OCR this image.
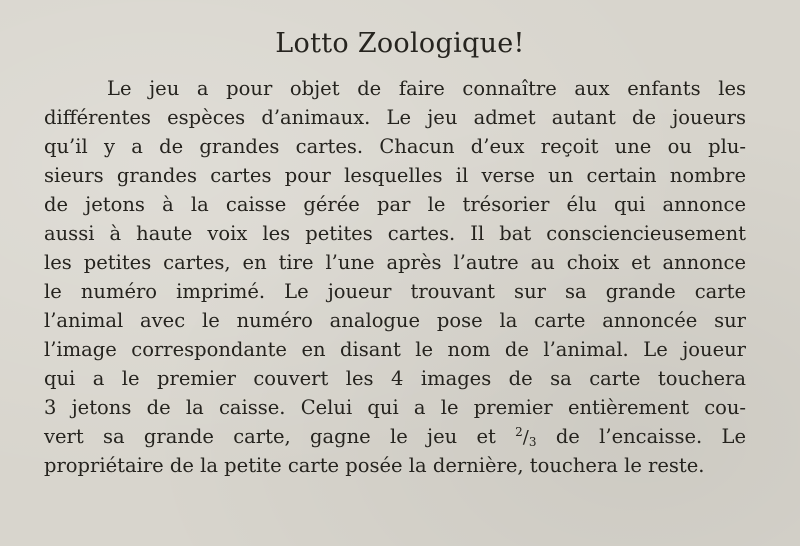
Lotto Zoologique!
Le jeu a pour objet de faire connaître aux enfants les
différentes espèces d’animaux. Le jeu admet autant de joueurs
qu’il y a de grandes cartes. Chacun d’eux reçoit une ou plu-
sieurs grandes cartes pour lesquelles il verse un certain nombre
de jetons à la caisse gérée par le trésorier élu qui annonce
aussi à haute voix les petites cartes. Il bat consciencieusement
les petites cartes, en tire l’une après l’autre au choix et annonce
le numéro imprimé. Le joueur trouvant sur sa grande carte
l’animal avec le numéro analogue pose la carte annoncée sur
l’image correspondante en disant le nom de l’animal. Le joueur
qui a le premier couvert les 4 images de sa carte touchera
3 jetons de la caisse. Celui qui a le premier entièrement cou-
vert sa grande carte, gagne le jeu et $^2$/3 de l’encaisse. Le
propriétaire de la petite carte posée la dernière, touchera le reste.
